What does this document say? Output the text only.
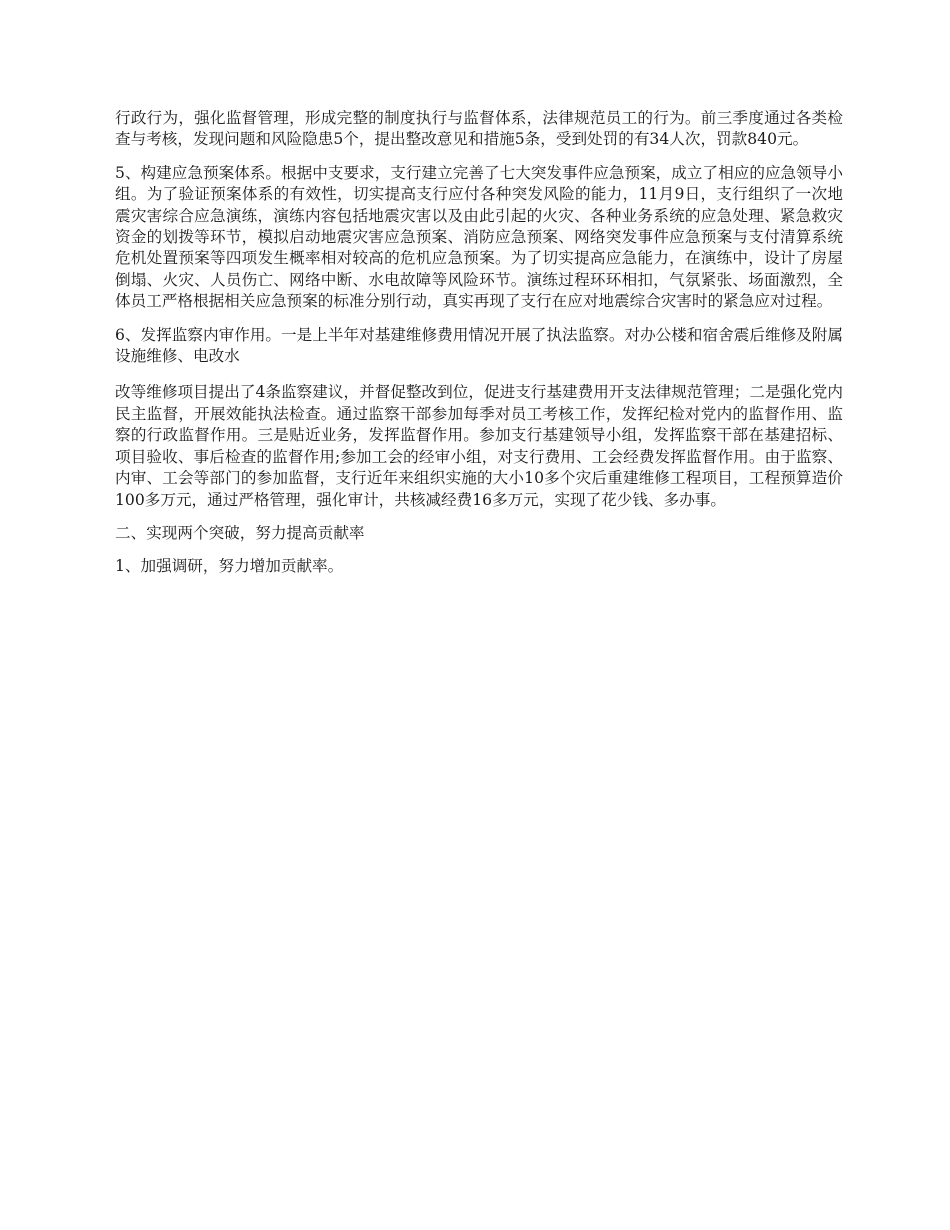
行政行为，强化监督管理，形成完整的制度执行与监督体系，法律规范员工的行为。前三季度通过各类检查与考核，发现问题和风险隐患5个，提出整改意见和措施5条，受到处罚的有34人次，罚款840元。

5、构建应急预案体系。根据中支要求，支行建立完善了七大突发事件应急预案，成立了相应的应急领导小组。为了验证预案体系的有效性，切实提高支行应付各种突发风险的能力，11月9日，支行组织了一次地震灾害综合应急演练，演练内容包括地震灾害以及由此引起的火灾、各种业务系统的应急处理、紧急救灾资金的划拨等环节，模拟启动地震灾害应急预案、消防应急预案、网络突发事件应急预案与支付清算系统危机处置预案等四项发生概率相对较高的危机应急预案。为了切实提高应急能力，在演练中，设计了房屋倒塌、火灾、人员伤亡、网络中断、水电故障等风险环节。演练过程环环相扣，气氛紧张、场面激烈，全体员工严格根据相关应急预案的标准分别行动，真实再现了支行在应对地震综合灾害时的紧急应对过程。

6、发挥监察内审作用。一是上半年对基建维修费用情况开展了执法监察。对办公楼和宿舍震后维修及附属设施维修、电改水

改等维修项目提出了4条监察建议，并督促整改到位，促进支行基建费用开支法律规范管理；二是强化党内民主监督，开展效能执法检查。通过监察干部参加每季对员工考核工作，发挥纪检对党内的监督作用、监察的行政监督作用。三是贴近业务，发挥监督作用。参加支行基建领导小组，发挥监察干部在基建招标、项目验收、事后检查的监督作用;参加工会的经审小组，对支行费用、工会经费发挥监督作用。由于监察、内审、工会等部门的参加监督，支行近年来组织实施的大小10多个灾后重建维修工程项目，工程预算造价100多万元，通过严格管理，强化审计，共核减经费16多万元，实现了花少钱、多办事。

二、实现两个突破，努力提高贡献率

1、加强调研，努力增加贡献率。
